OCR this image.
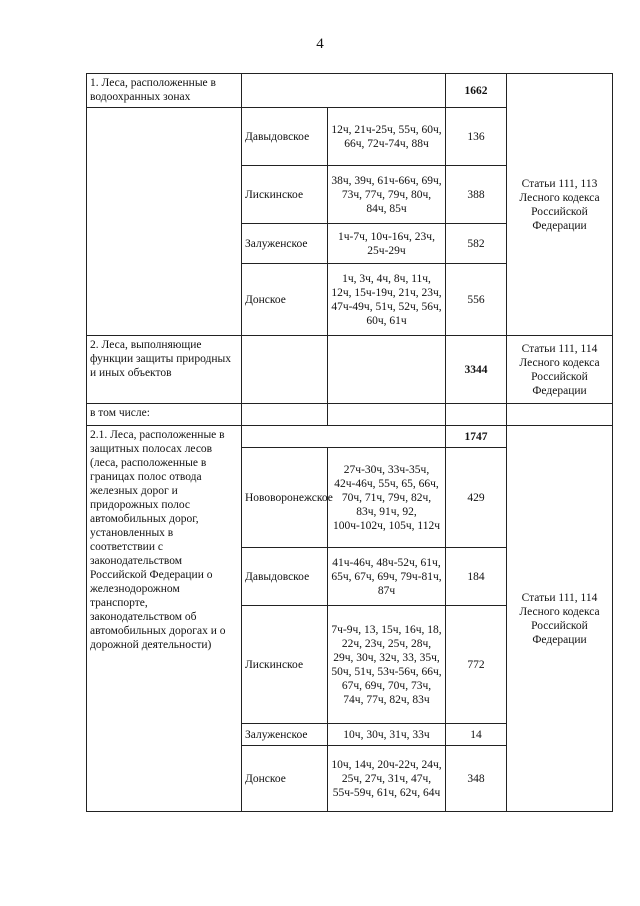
4
1. Леса, расположенные в водоохранных зонах			1662	Статьи 111, 113 Лесного кодекса Российской Федерации
	Давыдовское	12ч, 21ч-25ч, 55ч, 60ч, 66ч, 72ч-74ч, 88ч	136	
	Лискинское	38ч, 39ч, 61ч-66ч, 69ч, 73ч, 77ч, 79ч, 80ч, 84ч, 85ч	388	
	Залуженское	1ч-7ч, 10ч-16ч, 23ч, 25ч-29ч	582	
	Донское	1ч, 3ч, 4ч, 8ч, 11ч, 12ч, 15ч-19ч, 21ч, 23ч, 47ч-49ч, 51ч, 52ч, 56ч, 60ч, 61ч	556	
2. Леса, выполняющие функции защиты природных и иных объектов			3344	Статьи 111, 114 Лесного кодекса Российской Федерации
в том числе:				
2.1. Леса, расположенные в защитных полосах лесов (леса, расположенные в границах полос отвода железных дорог и придорожных полос автомобильных дорог, установленных в соответствии с законодательством Российской Федерации о железнодорожном транспорте, законодательством об автомобильных дорогах и о дорожной деятельности)			1747	Статьи 111, 114 Лесного кодекса Российской Федерации
	Нововоронежское	27ч-30ч, 33ч-35ч, 42ч-46ч, 55ч, 65, 66ч, 70ч, 71ч, 79ч, 82ч, 83ч, 91ч, 92, 100ч-102ч, 105ч, 112ч	429	
	Давыдовское	41ч-46ч, 48ч-52ч, 61ч, 65ч, 67ч, 69ч, 79ч-81ч, 87ч	184	
	Лискинское	7ч-9ч, 13, 15ч, 16ч, 18, 22ч, 23ч, 25ч, 28ч, 29ч, 30ч, 32ч, 33, 35ч, 50ч, 51ч, 53ч-56ч, 66ч, 67ч, 69ч, 70ч, 73ч, 74ч, 77ч, 82ч, 83ч	772	
	Залуженское	10ч, 30ч, 31ч, 33ч	14	
	Донское	10ч, 14ч, 20ч-22ч, 24ч, 25ч, 27ч, 31ч, 47ч, 55ч-59ч, 61ч, 62ч, 64ч	348	
